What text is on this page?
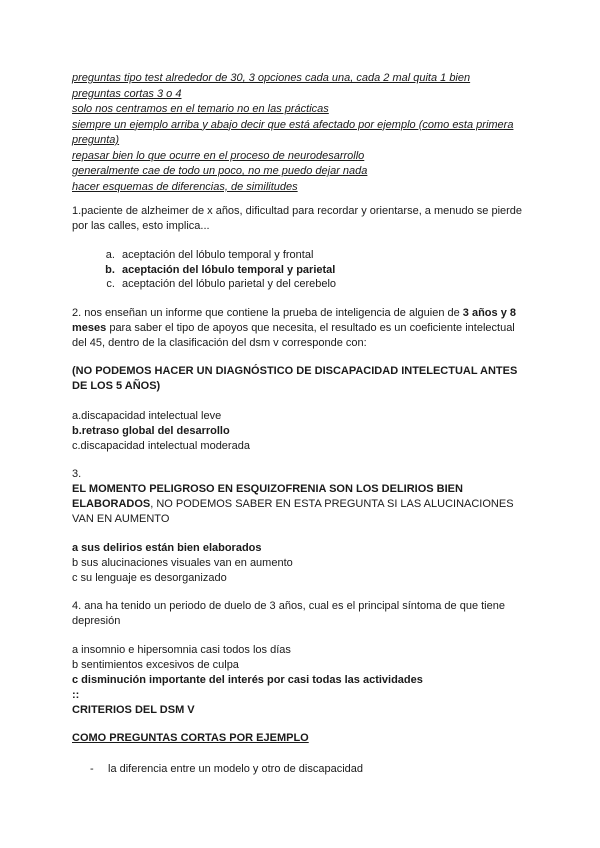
preguntas tipo test alrededor de 30, 3 opciones cada una, cada 2 mal quita 1 bien
preguntas cortas 3 o 4
solo nos centramos en el temario no en las prácticas
siempre un ejemplo arriba y abajo decir que está afectado por ejemplo (como esta primera
pregunta)
repasar bien lo que ocurre en el proceso de neurodesarrollo
generalmente cae de todo un poco, no me puedo dejar nada
hacer esquemas de diferencias, de similitudes
1.paciente de alzheimer de x años, dificultad para recordar y orientarse, a menudo se pierde por las calles, esto implica...
a. aceptación del lóbulo temporal y frontal
b. aceptación del lóbulo temporal y parietal
c. aceptación del lóbulo parietal y del cerebelo
2. nos enseñan un informe que contiene la prueba de inteligencia de alguien de 3 años y 8 meses para saber el tipo de apoyos que necesita, el resultado es un coeficiente intelectual del 45, dentro de la clasificación del dsm v corresponde con:
(NO PODEMOS HACER UN DIAGNÓSTICO DE DISCAPACIDAD INTELECTUAL ANTES DE LOS 5 AÑOS)
a.discapacidad intelectual leve
b.retraso global del desarrollo
c.discapacidad intelectual moderada
3.
EL MOMENTO PELIGROSO EN ESQUIZOFRENIA SON LOS DELIRIOS BIEN ELABORADOS, NO PODEMOS SABER EN ESTA PREGUNTA SI LAS ALUCINACIONES VAN EN AUMENTO
a sus delirios están bien elaborados
b sus alucinaciones visuales van en aumento
c su lenguaje es desorganizado
4. ana ha tenido un periodo de duelo de 3 años, cual es el principal síntoma de que tiene depresión
a insomnio e hipersomnia casi todos los días
b sentimientos excesivos de culpa
c disminución importante del interés por casi todas las actividades
::
CRITERIOS DEL DSM V
COMO PREGUNTAS CORTAS POR EJEMPLO
- la diferencia entre un modelo y otro de discapacidad
